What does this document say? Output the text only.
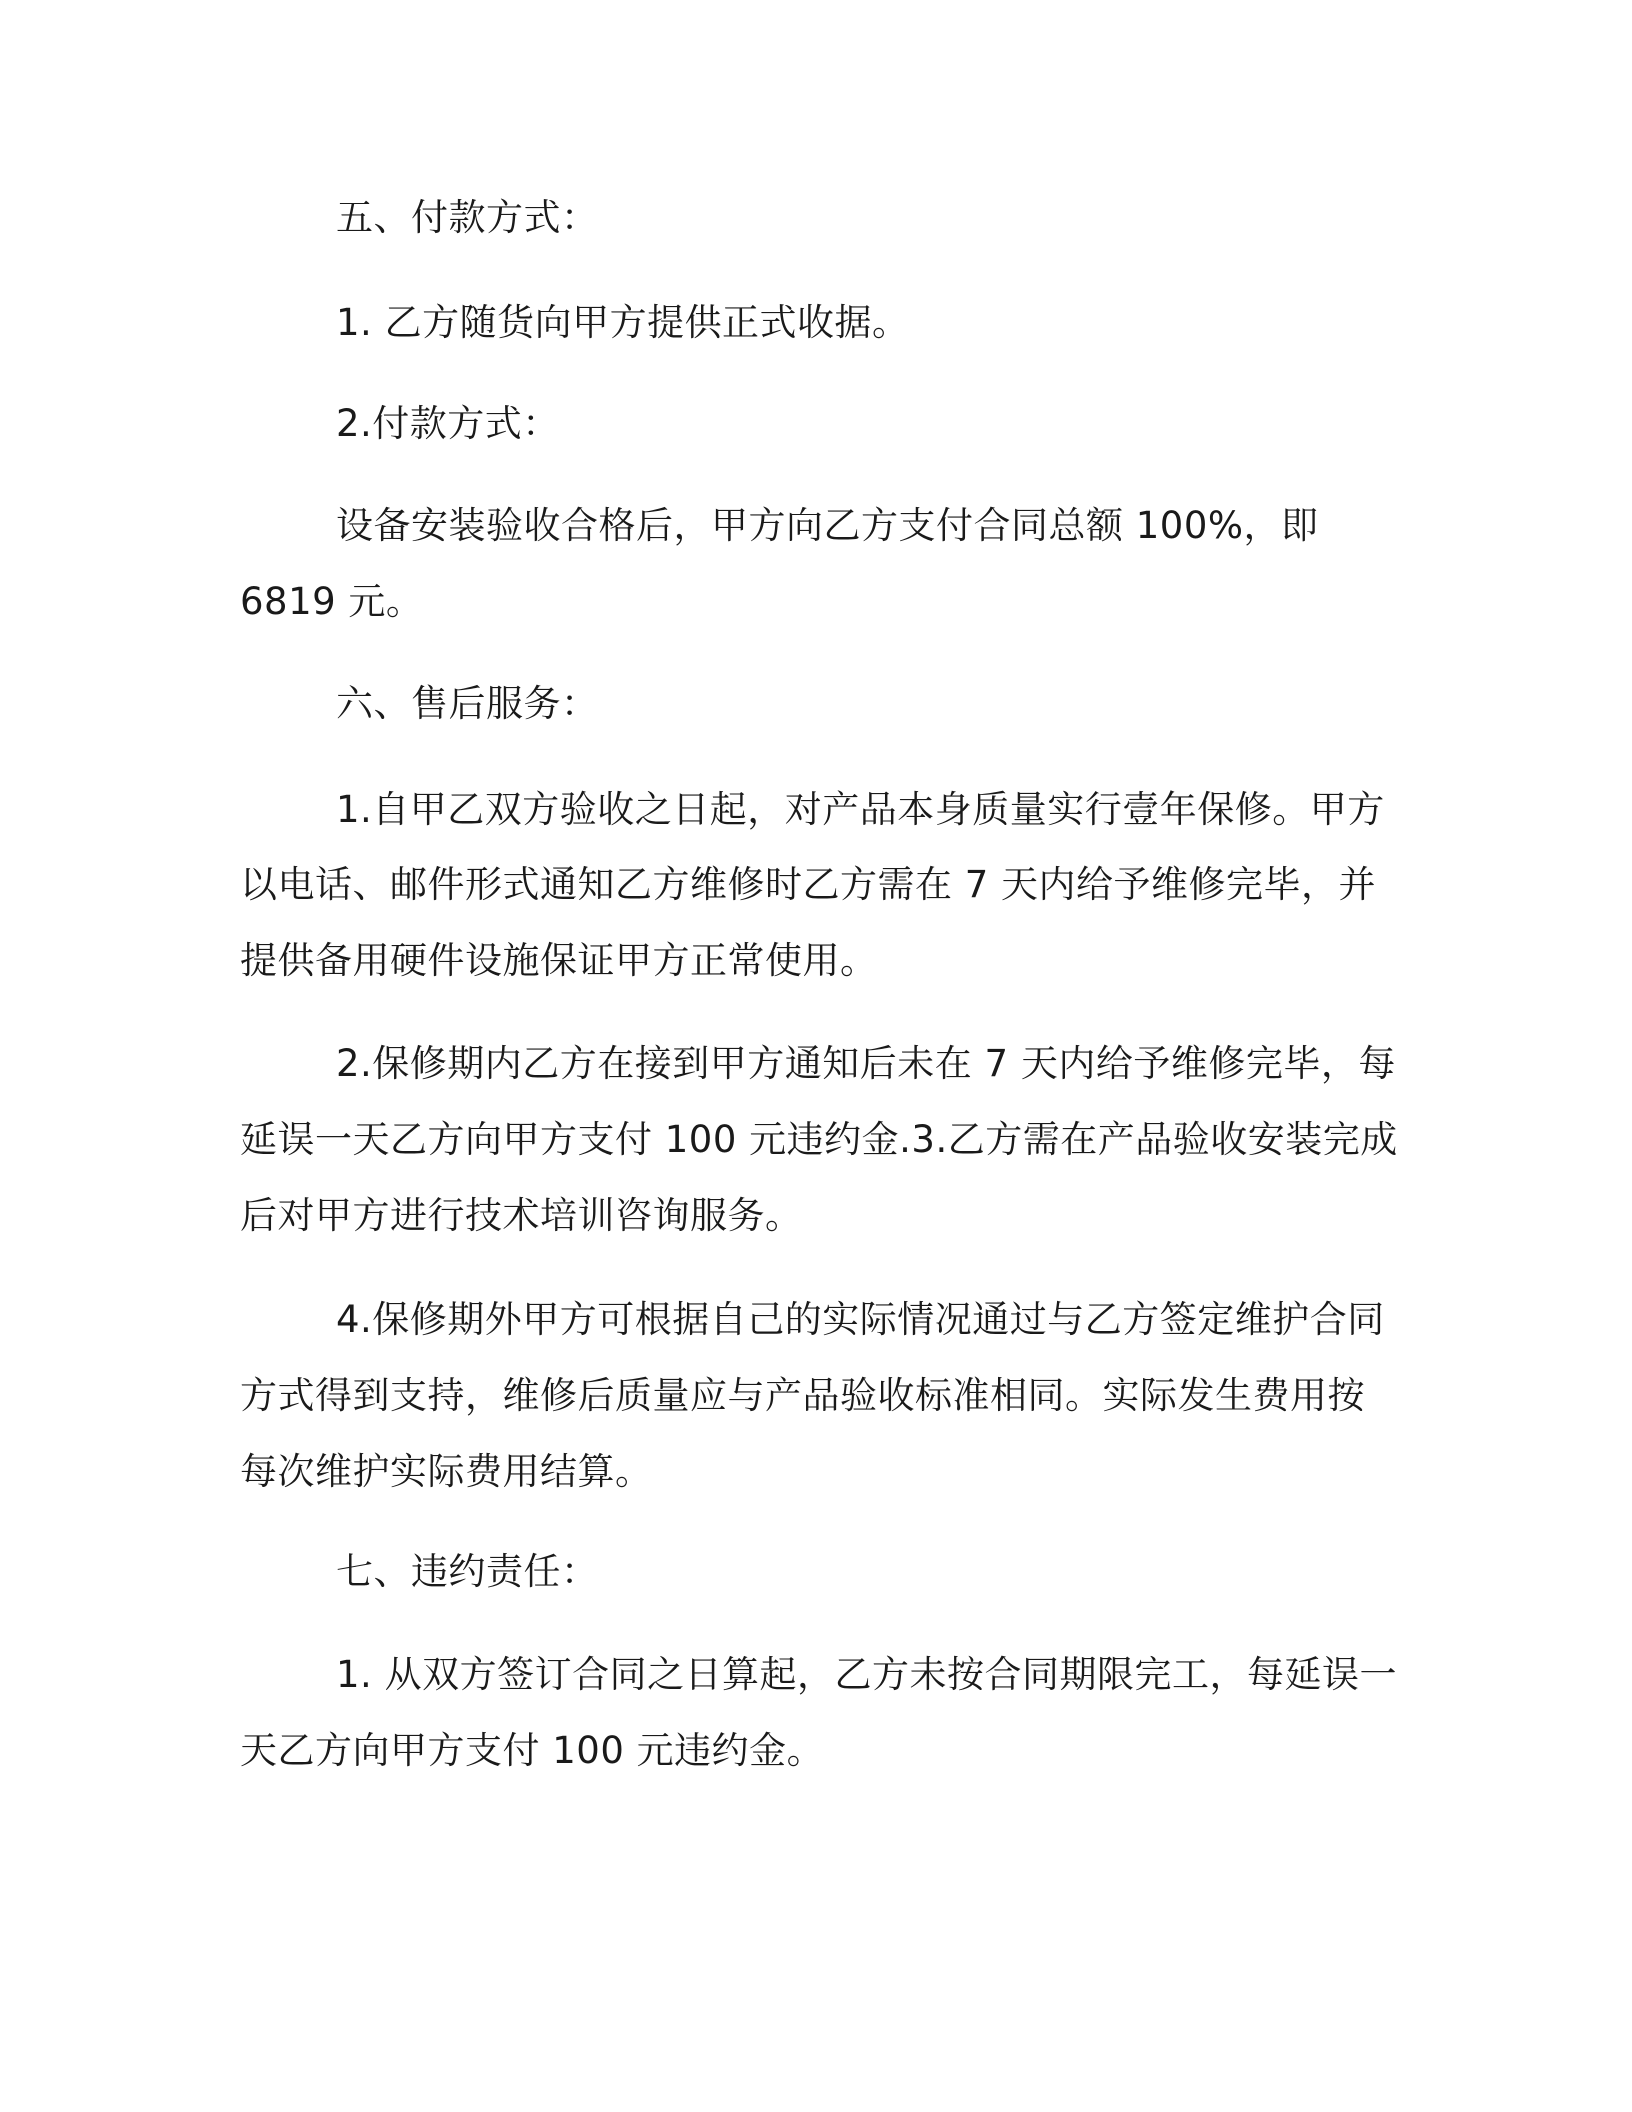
五、付款方式：
1. 乙方随货向甲方提供正式收据。
2.付款方式：
设备安装验收合格后，甲方向乙方支付合同总额 100%，即
6819 元。
六、售后服务：
1.自甲乙双方验收之日起，对产品本身质量实行壹年保修。甲方
以电话、邮件形式通知乙方维修时乙方需在 7 天内给予维修完毕，并
提供备用硬件设施保证甲方正常使用。
2.保修期内乙方在接到甲方通知后未在 7 天内给予维修完毕，每
延误一天乙方向甲方支付 100 元违约金.3.乙方需在产品验收安装完成
后对甲方进行技术培训咨询服务。
4.保修期外甲方可根据自己的实际情况通过与乙方签定维护合同
方式得到支持，维修后质量应与产品验收标准相同。实际发生费用按
每次维护实际费用结算。
七、违约责任：
1. 从双方签订合同之日算起，乙方未按合同期限完工，每延误一
天乙方向甲方支付 100 元违约金。
